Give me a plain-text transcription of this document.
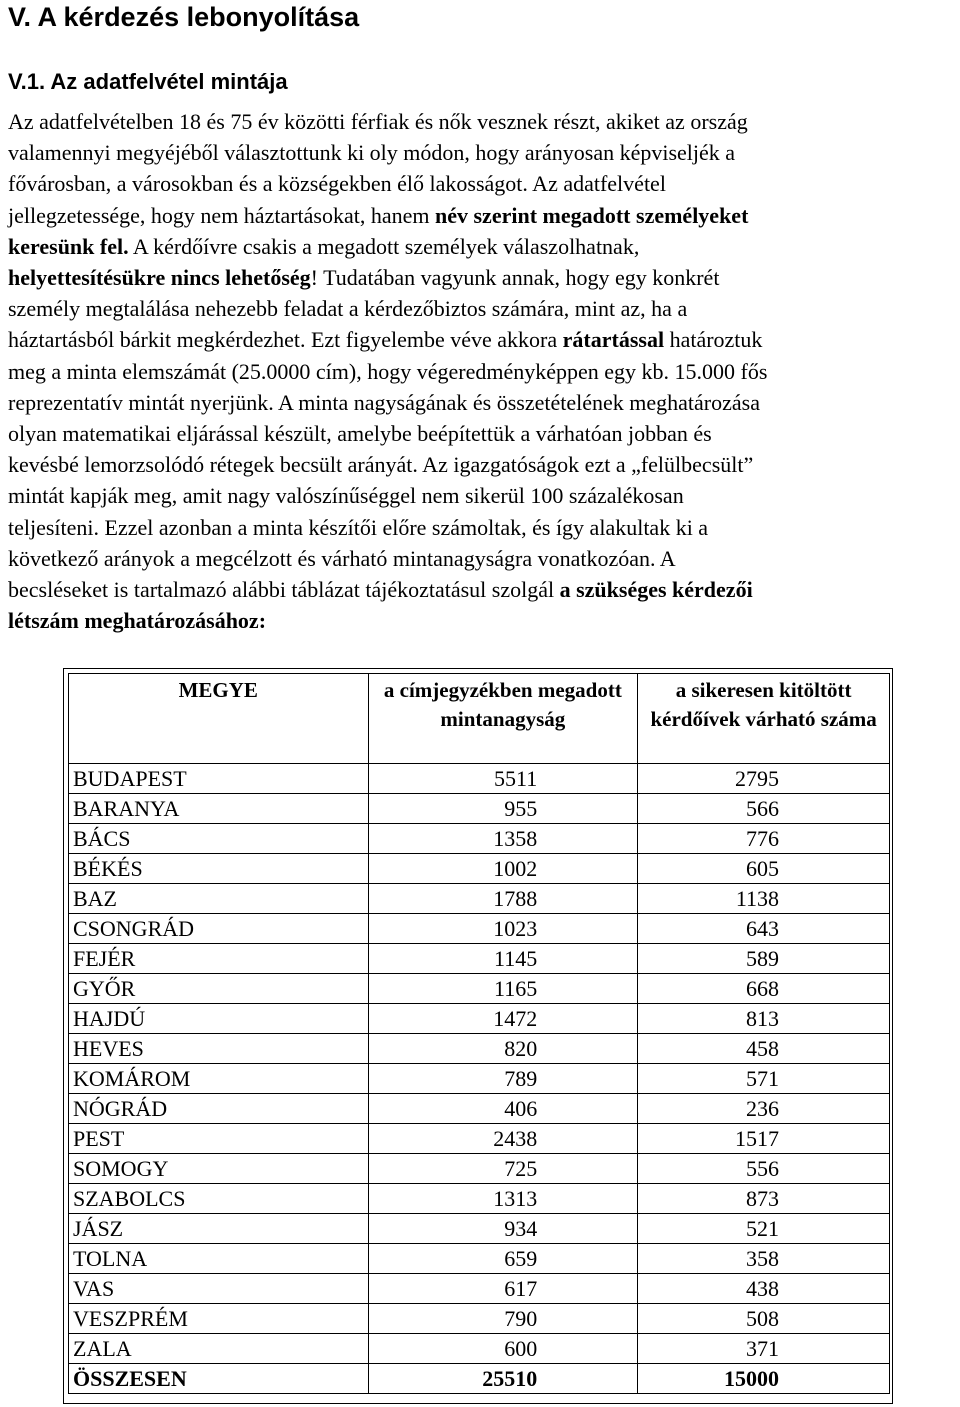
V. A kérdezés lebonyolítása
V.1. Az adatfelvétel mintája
Az adatfelvételben 18 és 75 év közötti férfiak és nők vesznek részt, akiket az ország
valamennyi megyéjéből választottunk ki oly módon, hogy arányosan képviseljék a
fővárosban, a városokban és a községekben élő lakosságot. Az adatfelvétel
jellegzetessége, hogy nem háztartásokat, hanem név szerint megadott személyeket
keresünk fel. A kérdőívre csakis a megadott személyek válaszolhatnak,
helyettesítésükre nincs lehetőség! Tudatában vagyunk annak, hogy egy konkrét
személy megtalálása nehezebb feladat a kérdezőbiztos számára, mint az, ha a
háztartásból bárkit megkérdezhet. Ezt figyelembe véve akkora rátartással határoztuk
meg a minta elemszámát (25.0000 cím), hogy végeredményképpen egy kb. 15.000 fős
reprezentatív mintát nyerjünk. A minta nagyságának és összetételének meghatározása
olyan matematikai eljárással készült, amelybe beépítettük a várhatóan jobban és
kevésbé lemorzsolódó rétegek becsült arányát. Az igazgatóságok ezt a „felülbecsült”
mintát kapják meg, amit nagy valószínűséggel nem sikerül 100 százalékosan
teljesíteni. Ezzel azonban a minta készítői előre számoltak, és így alakultak ki a
következő arányok a megcélzott és várható mintanagyságra vonatkozóan. A
becsléseket is tartalmazó alábbi táblázat tájékoztatásul szolgál a szükséges kérdezői
létszám meghatározásához:
MEGYE	a címjegyzékben megadott mintanagyság	a sikeresen kitöltött kérdőívek várható száma
BUDAPEST	5511	2795
BARANYA	955	566
BÁCS	1358	776
BÉKÉS	1002	605
BAZ	1788	1138
CSONGRÁD	1023	643
FEJÉR	1145	589
GYŐR	1165	668
HAJDÚ	1472	813
HEVES	820	458
KOMÁROM	789	571
NÓGRÁD	406	236
PEST	2438	1517
SOMOGY	725	556
SZABOLCS	1313	873
JÁSZ	934	521
TOLNA	659	358
VAS	617	438
VESZPRÉM	790	508
ZALA	600	371
ÖSSZESEN	25510	15000
